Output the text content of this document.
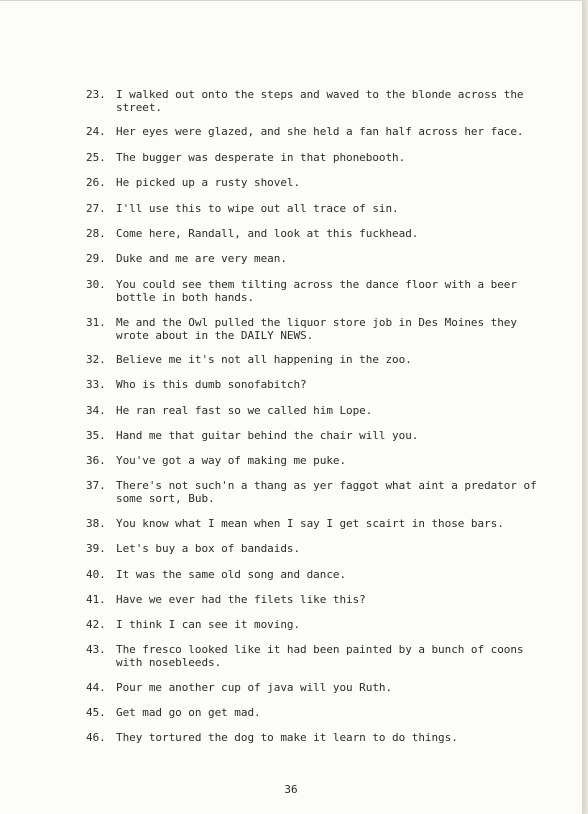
23. I walked out onto the steps and waved to the blonde across the street.
24. Her eyes were glazed, and she held a fan half across her face.
25. The bugger was desperate in that phonebooth.
26. He picked up a rusty shovel.
27. I'll use this to wipe out all trace of sin.
28. Come here, Randall, and look at this fuckhead.
29. Duke and me are very mean.
30. You could see them tilting across the dance floor with a beer bottle in both hands.
31. Me and the Owl pulled the liquor store job in Des Moines they wrote about in the DAILY NEWS.
32. Believe me it's not all happening in the zoo.
33. Who is this dumb sonofabitch?
34. He ran real fast so we called him Lope.
35. Hand me that guitar behind the chair will you.
36. You've got a way of making me puke.
37. There's not such'n a thang as yer faggot what aint a predator of some sort, Bub.
38. You know what I mean when I say I get scairt in those bars.
39. Let's buy a box of bandaids.
40. It was the same old song and dance.
41. Have we ever had the filets like this?
42. I think I can see it moving.
43. The fresco looked like it had been painted by a bunch of coons with nosebleeds.
44. Pour me another cup of java will you Ruth.
45. Get mad go on get mad.
46. They tortured the dog to make it learn to do things.
36
